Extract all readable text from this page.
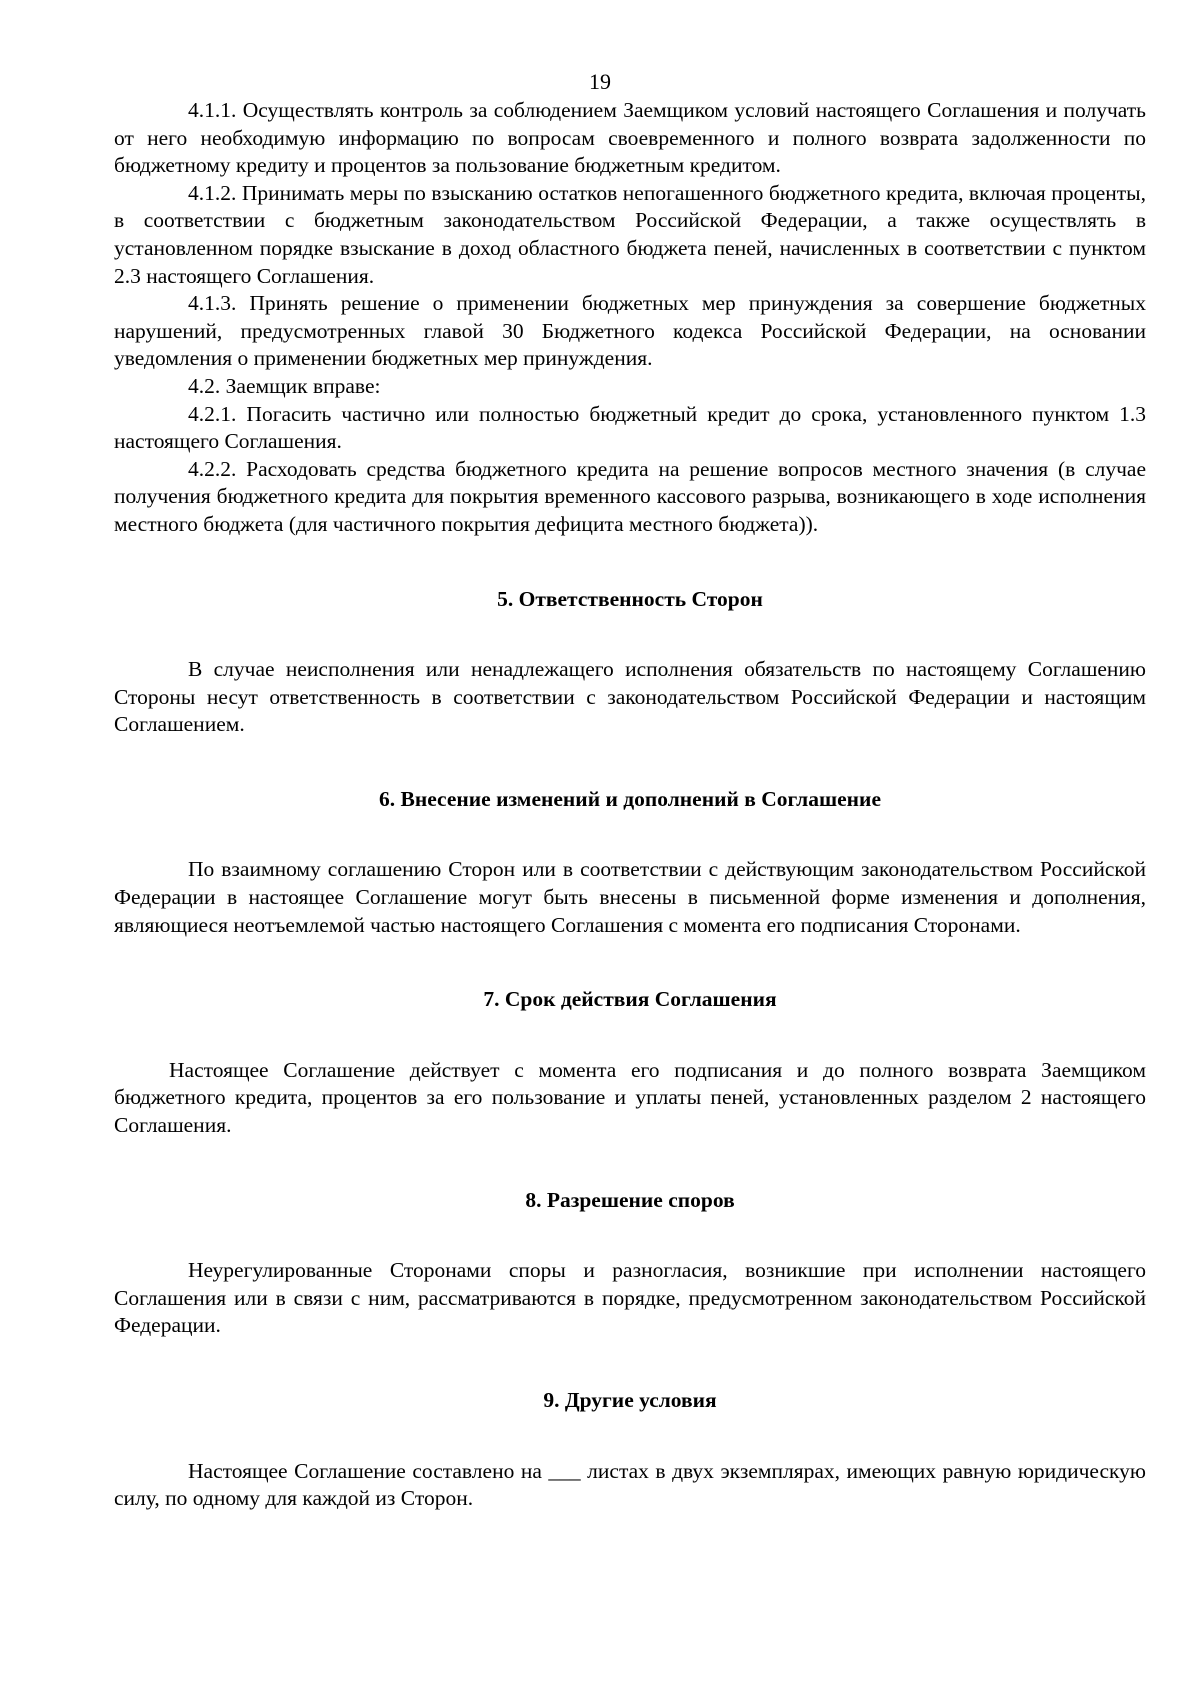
19

4.1.1. Осуществлять контроль за соблюдением Заемщиком условий настоящего Соглашения и получать от него необходимую информацию по вопросам своевременного и полного возврата задолженности по бюджетному кредиту и процентов за пользование бюджетным кредитом.

4.1.2. Принимать меры по взысканию остатков непогашенного бюджетного кредита, включая проценты, в соответствии с бюджетным законодательством Российской Федерации, а также осуществлять в установленном порядке взыскание в доход областного бюджета пеней, начисленных в соответствии с пунктом 2.3 настоящего Соглашения.

4.1.3. Принять решение о применении бюджетных мер принуждения за совершение бюджетных нарушений, предусмотренных главой 30 Бюджетного кодекса Российской Федерации, на основании уведомления о применении бюджетных мер принуждения.

4.2. Заемщик вправе:

4.2.1. Погасить частично или полностью бюджетный кредит до срока, установленного пунктом 1.3 настоящего Соглашения.

4.2.2. Расходовать средства бюджетного кредита на решение вопросов местного значения (в случае получения бюджетного кредита для покрытия временного кассового разрыва, возникающего в ходе исполнения местного бюджета (для частичного покрытия дефицита местного бюджета)).

5. Ответственность Сторон

В случае неисполнения или ненадлежащего исполнения обязательств по настоящему Соглашению Стороны несут ответственность в соответствии с законодательством Российской Федерации и настоящим Соглашением.

6. Внесение изменений и дополнений в Соглашение

По взаимному соглашению Сторон или в соответствии с действующим законодательством Российской Федерации в настоящее Соглашение могут быть внесены в письменной форме изменения и дополнения, являющиеся неотъемлемой частью настоящего Соглашения с момента его подписания Сторонами.

7. Срок действия Соглашения

Настоящее Соглашение действует с момента его подписания и до полного возврата Заемщиком бюджетного кредита, процентов за его пользование и уплаты пеней, установленных разделом 2 настоящего Соглашения.

8. Разрешение споров

Неурегулированные Сторонами споры и разногласия, возникшие при исполнении настоящего Соглашения или в связи с ним, рассматриваются в порядке, предусмотренном законодательством Российской Федерации.

9. Другие условия

Настоящее Соглашение составлено на ___ листах в двух экземплярах, имеющих равную юридическую силу, по одному для каждой из Сторон.
